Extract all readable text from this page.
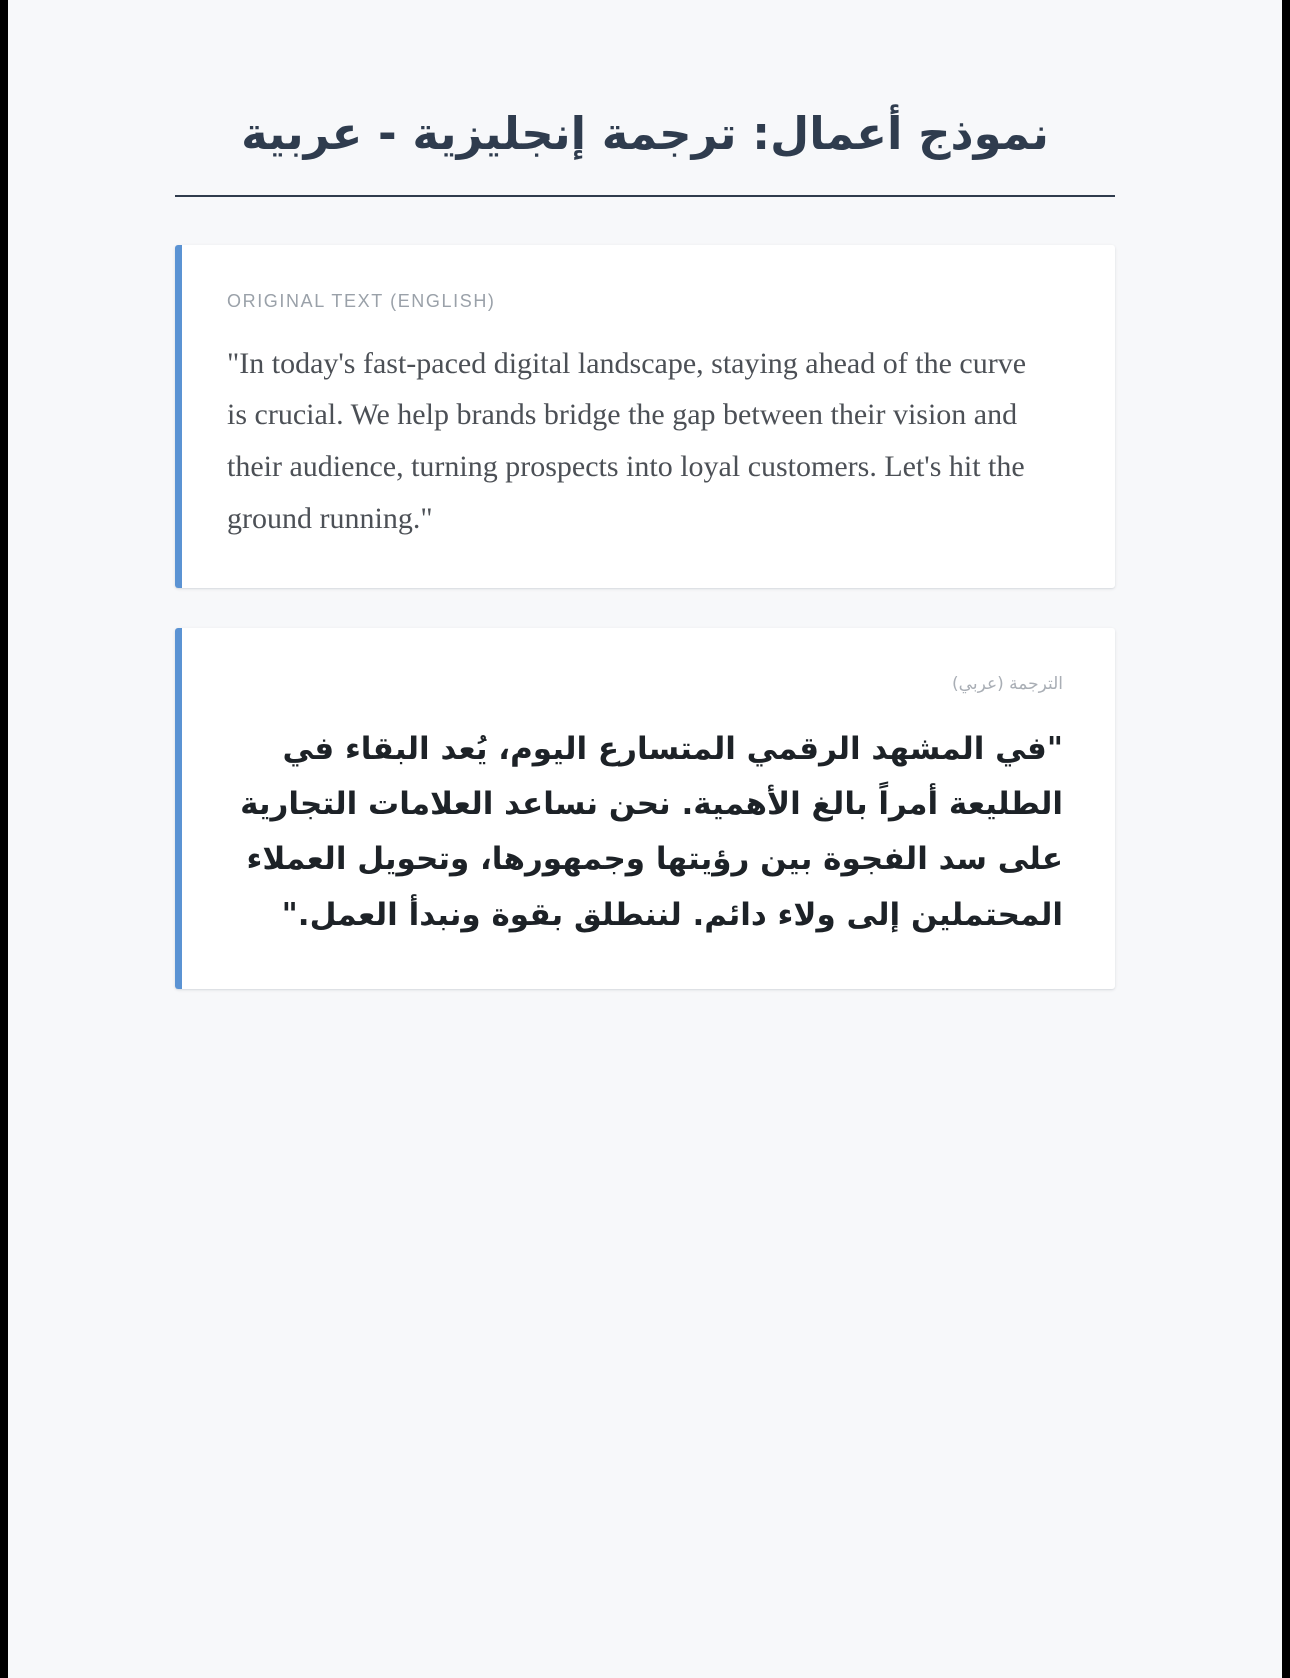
نموذج أعمال: ترجمة إنجليزية - عربية
ORIGINAL TEXT (ENGLISH)

"In today's fast-paced digital landscape, staying ahead of the curve is crucial. We help brands bridge the gap between their vision and their audience, turning prospects into loyal customers. Let's hit the ground running."

الترجمة (عربي)

"في المشهد الرقمي المتسارع اليوم، يُعد البقاء في الطليعة أمراً بالغ الأهمية. نحن نساعد العلامات التجارية على سد الفجوة بين رؤيتها وجمهورها، وتحويل العملاء المحتملين إلى ولاء دائم. لننطلق بقوة ونبدأ العمل."
